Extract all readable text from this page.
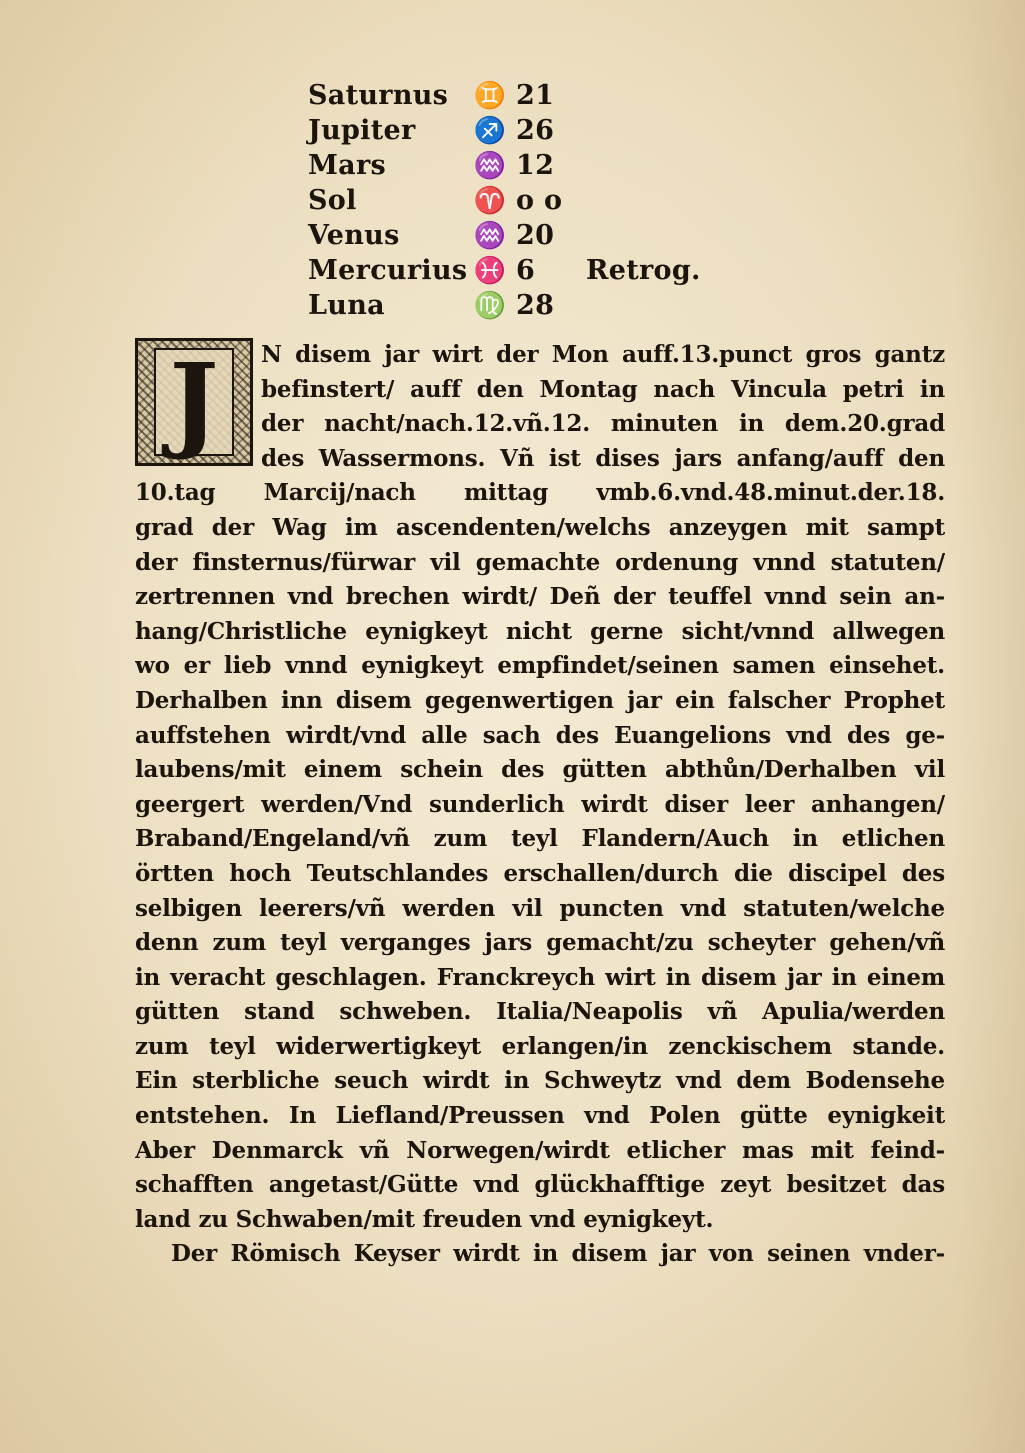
Saturnus ♊ 21
Jupiter	♐ 26
Mars	♒ 12
Sol	♈ o o
Venus	♒ 20
Mercurius ♓ 6	Retrog.
Luna	♍ 28
J	N disem jar wirt der Mon auff.13.punct gros gantz
befinstert/ auff den Montag nach Vincula petri in
der nacht/nach.12.vñ.12. minuten in dem.20.grad
des Wassermons. Vñ ist dises jars anfang/auff den
10.tag Marcij/nach mittag vmb.6.vnd.48.minut.der.18.
grad der Wag im ascendenten/welchs anzeygen mit sampt
der finsternus/fürwar vil gemachte ordenung vnnd statuten/
zertrennen vnd brechen wirdt/ Deñ der teuffel vnnd sein an-
hang/Christliche eynigkeyt nicht gerne sicht/vnnd allwegen
wo er lieb vnnd eynigkeyt empfindet/seinen samen einsehet.
Derhalben inn disem gegenwertigen jar ein falscher Prophet
auffstehen wirdt/vnd alle sach des Euangelions vnd des ge-
laubens/mit einem schein des gütten abthůn/Derhalben vil
geergert werden/Vnd sunderlich wirdt diser leer anhangen/
Braband/Engeland/vñ zum teyl Flandern/Auch in etlichen
örtten hoch Teutschlandes erschallen/durch die discipel des
selbigen leerers/vñ werden vil puncten vnd statuten/welche
denn zum teyl verganges jars gemacht/zu scheyter gehen/vñ
in veracht geschlagen. Franckreych wirt in disem jar in einem
gütten stand schweben. Italia/Neapolis vñ Apulia/werden
zum teyl widerwertigkeyt erlangen/in zenckischem stande.
Ein sterbliche seuch wirdt in Schweytz vnd dem Bodensehe
entstehen. In Liefland/Preussen vnd Polen gütte eynigkeit
Aber Denmarck vñ Norwegen/wirdt etlicher mas mit feind-
schafften angetast/Gütte vnd glückhafftige zeyt besitzet das
land zu Schwaben/mit freuden vnd eynigkeyt.
Der Römisch Keyser wirdt in disem jar von seinen vnder-
